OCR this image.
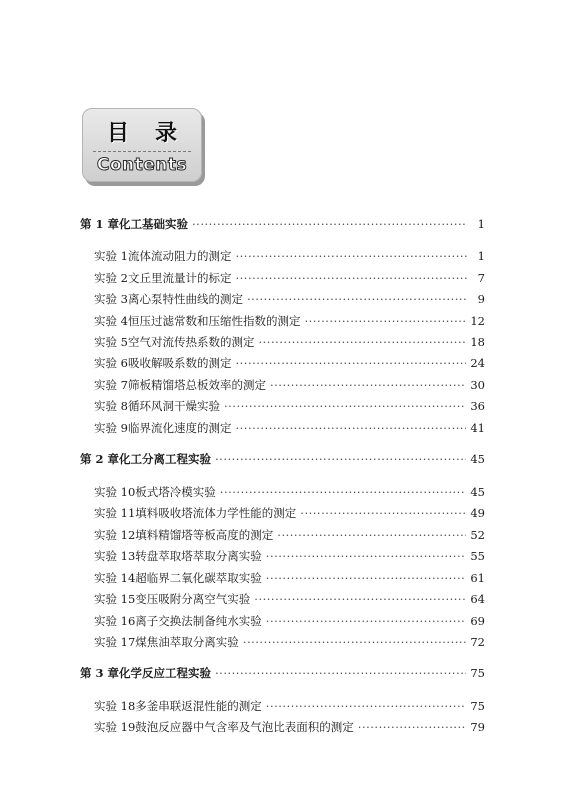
目 录
Contents
第 1 章 化工基础实验 ·····	1
实验 1 流体流动阻力的测定 ·····	1
实验 2 文丘里流量计的标定 ·····	7
实验 3 离心泵特性曲线的测定 ·····	9
实验 4 恒压过滤常数和压缩性指数的测定 ·····	12
实验 5 空气对流传热系数的测定 ·····	18
实验 6 吸收解吸系数的测定 ·····	24
实验 7 筛板精馏塔总板效率的测定 ·····	30
实验 8 循环风洞干燥实验 ·····	36
实验 9 临界流化速度的测定 ·····	41
第 2 章 化工分离工程实验 ·····	45
实验 10 板式塔冷模实验 ·····	45
实验 11 填料吸收塔流体力学性能的测定 ·····	49
实验 12 填料精馏塔等板高度的测定 ·····	52
实验 13 转盘萃取塔萃取分离实验 ·····	55
实验 14 超临界二氧化碳萃取实验 ·····	61
实验 15 变压吸附分离空气实验 ·····	64
实验 16 离子交换法制备纯水实验 ·····	69
实验 17 煤焦油萃取分离实验 ·····	72
第 3 章 化学反应工程实验 ·····	75
实验 18 多釜串联返混性能的测定 ·····	75
实验 19 鼓泡反应器中气含率及气泡比表面积的测定 ·····	79
